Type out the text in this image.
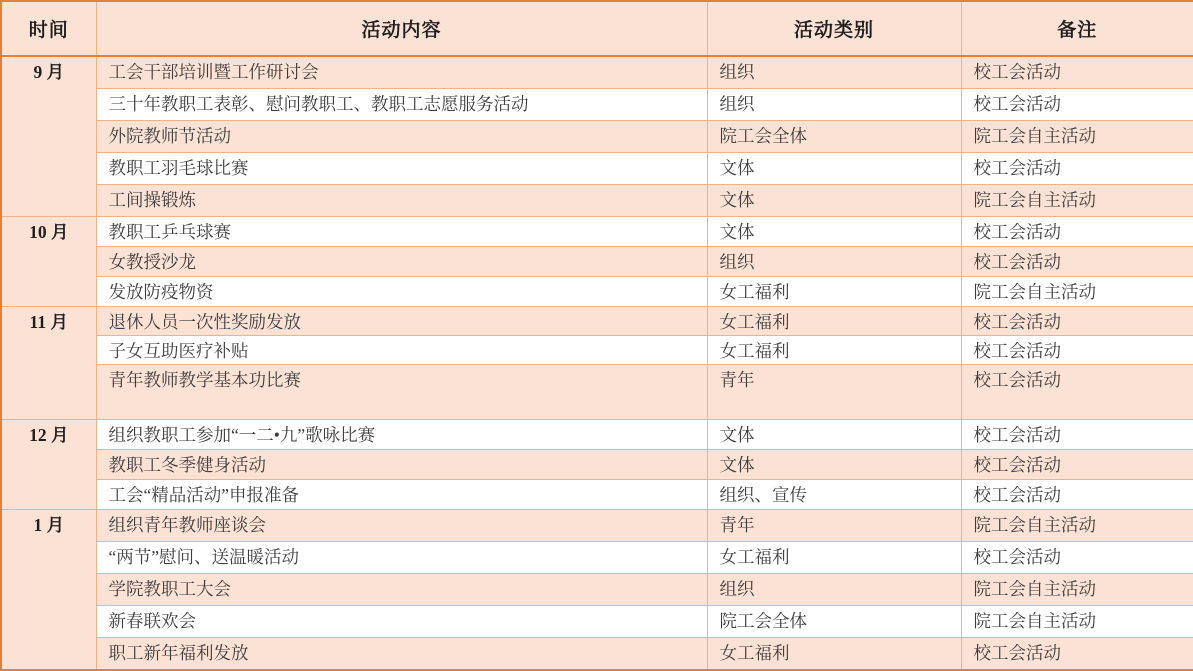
时间	活动内容	活动类别	备注
9 月	工会干部培训暨工作研讨会	组织	校工会活动
	三十年教职工表彰、慰问教职工、教职工志愿服务活动	组织	校工会活动
	外院教师节活动	院工会全体	院工会自主活动
	教职工羽毛球比赛	文体	校工会活动
	工间操锻炼	文体	院工会自主活动
10 月	教职工乒乓球赛	文体	校工会活动
	女教授沙龙	组织	校工会活动
	发放防疫物资	女工福利	院工会自主活动
11 月	退休人员一次性奖励发放	女工福利	校工会活动
	子女互助医疗补贴	女工福利	校工会活动
	青年教师教学基本功比赛	青年	校工会活动
12 月	组织教职工参加“一二•九”歌咏比赛	文体	校工会活动
	教职工冬季健身活动	文体	校工会活动
	工会“精品活动”申报准备	组织、宣传	校工会活动
1 月	组织青年教师座谈会	青年	院工会自主活动
	“两节”慰问、送温暖活动	女工福利	校工会活动
	学院教职工大会	组织	院工会自主活动
	新春联欢会	院工会全体	院工会自主活动
	职工新年福利发放	女工福利	校工会活动
